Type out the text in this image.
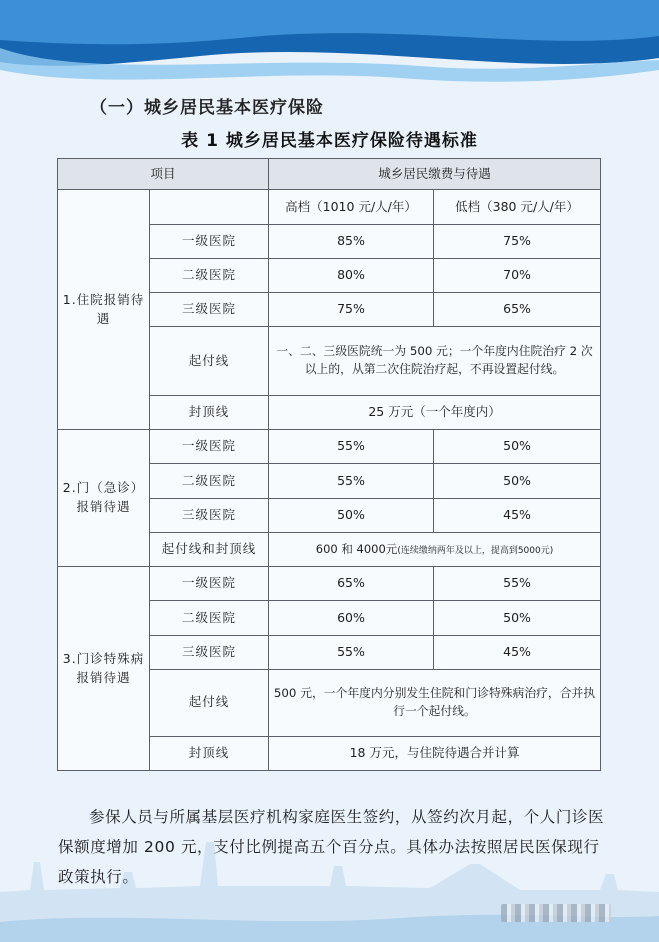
（一）城乡居民基本医疗保险
表 1 城乡居民基本医疗保险待遇标准
项目		城乡居民缴费与待遇	
1.住院报销待遇		高档（1010 元/人/年）	低档（380 元/人/年）
	一级医院	85%	75%
	二级医院	80%	70%
	三级医院	75%	65%
	起付线	一、二、三级医院统一为 500 元；一个年度内住院治疗 2 次以上的，从第二次住院治疗起，不再设置起付线。	
	封顶线	25 万元（一个年度内）	
2.门（急诊）报销待遇	一级医院	55%	50%
	二级医院	55%	50%
	三级医院	50%	45%
	起付线和封顶线	600 和 4000元(连续缴纳两年及以上，提高到5000元)	
3.门诊特殊病报销待遇	一级医院	65%	55%
	二级医院	60%	50%
	三级医院	55%	45%
	起付线	500 元，一个年度内分别发生住院和门诊特殊病治疗，合并执行一个起付线。	
	封顶线	18 万元，与住院待遇合并计算	

参保人员与所属基层医疗机构家庭医生签约，从签约次月起，个人门诊医保额度增加 200 元，支付比例提高五个百分点。具体办法按照居民医保现行政策执行。
